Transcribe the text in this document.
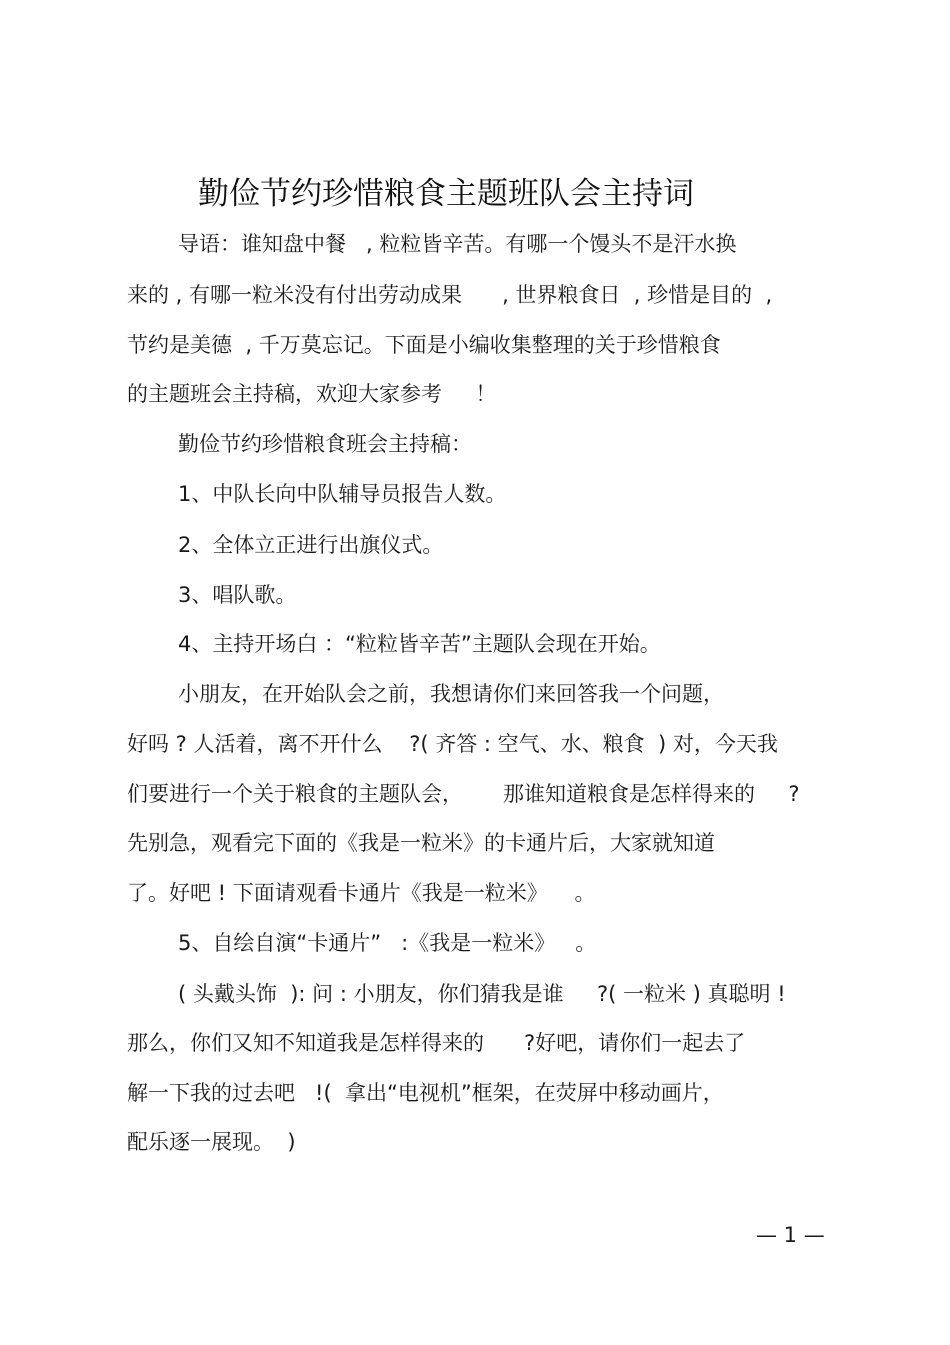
勤俭节约珍惜粮食主题班队会主持词
导语：谁知盘中餐   , 粒粒皆辛苦。有哪一个馒头不是汗水换
来的 , 有哪一粒米没有付出劳动成果      , 世界粮食日  , 珍惜是目的  ,
节约是美德  , 千万莫忘记。下面是小编收集整理的关于珍惜粮食
的主题班会主持稿，欢迎大家参考     ！
勤俭节约珍惜粮食班会主持稿：
1、中队长向中队辅导员报告人数。
2、全体立正进行出旗仪式。
3、唱队歌。
4、主持开场白 ：“粒粒皆辛苦”主题队会现在开始。
小朋友，在开始队会之前，我想请你们来回答我一个问题，
好吗 ? 人活着，离不开什么    ?( 齐答 : 空气、水、粮食  ) 对，今天我
们要进行一个关于粮食的主题队会，      那谁知道粮食是怎样得来的     ?
先别急，观看完下面的《我是一粒米》的卡通片后，大家就知道
了。好吧 ! 下面请观看卡通片《我是一粒米》    。
5、自绘自演“卡通片”   :《我是一粒米》   。
( 头戴头饰  ): 问 : 小朋友，你们猜我是谁     ?( 一粒米 ) 真聪明 !
那么，你们又知不知道我是怎样得来的      ?好吧，请你们一起去了
解一下我的过去吧   !(  拿出“电视机”框架，在荧屏中移动画片，
配乐逐一展现。  )
— 1 —
